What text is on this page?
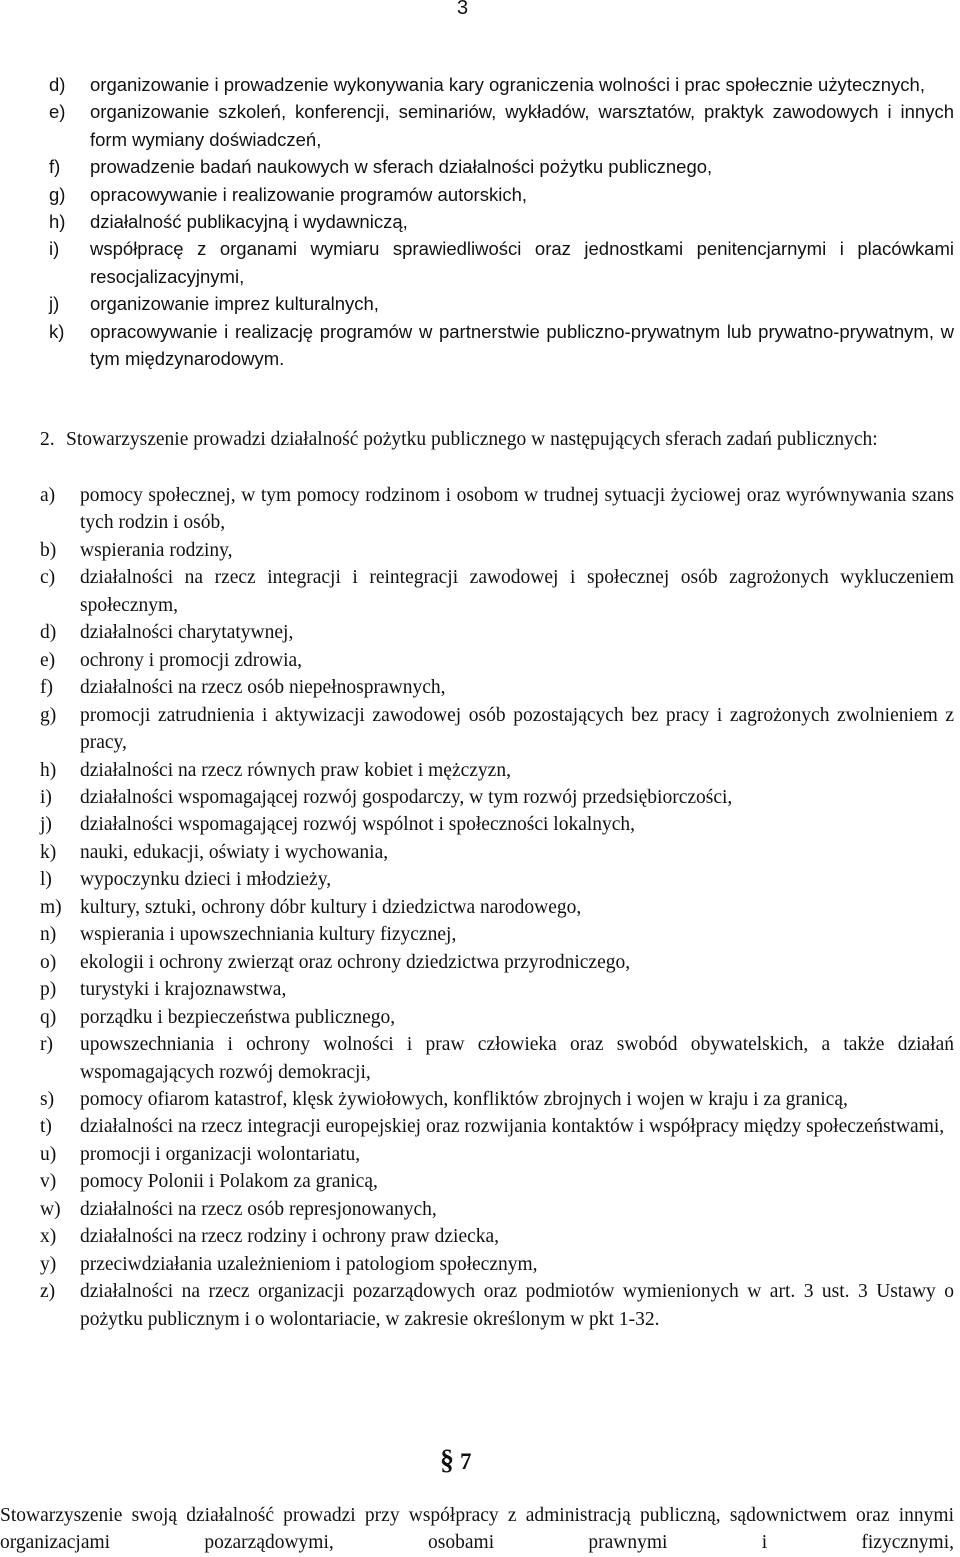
3
d) organizowanie i prowadzenie wykonywania kary ograniczenia wolności i prac społecznie użytecznych,
e) organizowanie szkoleń, konferencji, seminariów, wykładów, warsztatów, praktyk zawodowych i innych form wymiany doświadczeń,
f) prowadzenie badań naukowych w sferach działalności pożytku publicznego,
g) opracowywanie i realizowanie programów autorskich,
h) działalność publikacyjną i wydawniczą,
i) współpracę z organami wymiaru sprawiedliwości oraz jednostkami penitencjarnymi i placówkami resocjalizacyjnymi,
j) organizowanie imprez kulturalnych,
k) opracowywanie i realizację programów w partnerstwie publiczno-prywatnym lub prywatno-prywatnym, w tym międzynarodowym.
2. Stowarzyszenie prowadzi działalność pożytku publicznego w następujących sferach zadań publicznych:
a) pomocy społecznej, w tym pomocy rodzinom i osobom w trudnej sytuacji życiowej oraz wyrównywania szans tych rodzin i osób,
b) wspierania rodziny,
c) działalności na rzecz integracji i reintegracji zawodowej i społecznej osób zagrożonych wykluczeniem społecznym,
d) działalności charytatywnej,
e) ochrony i promocji zdrowia,
f) działalności na rzecz osób niepełnosprawnych,
g) promocji zatrudnienia i aktywizacji zawodowej osób pozostających bez pracy i zagrożonych zwolnieniem z pracy,
h) działalności na rzecz równych praw kobiet i mężczyzn,
i) działalności wspomagającej rozwój gospodarczy, w tym rozwój przedsiębiorczości,
j) działalności wspomagającej rozwój wspólnot i społeczności lokalnych,
k) nauki, edukacji, oświaty i wychowania,
l) wypoczynku dzieci i młodzieży,
m) kultury, sztuki, ochrony dóbr kultury i dziedzictwa narodowego,
n) wspierania i upowszechniania kultury fizycznej,
o) ekologii i ochrony zwierząt oraz ochrony dziedzictwa przyrodniczego,
p) turystyki i krajoznawstwa,
q) porządku i bezpieczeństwa publicznego,
r) upowszechniania i ochrony wolności i praw człowieka oraz swobód obywatelskich, a także działań wspomagających rozwój demokracji,
s) pomocy ofiarom katastrof, klęsk żywiołowych, konfliktów zbrojnych i wojen w kraju i za granicą,
t) działalności na rzecz integracji europejskiej oraz rozwijania kontaktów i współpracy między społeczeństwami,
u) promocji i organizacji wolontariatu,
v) pomocy Polonii i Polakom za granicą,
w) działalności na rzecz osób represjonowanych,
x) działalności na rzecz rodziny i ochrony praw dziecka,
y) przeciwdziałania uzależnieniom i patologiom społecznym,
z) działalności na rzecz organizacji pozarządowych oraz podmiotów wymienionych w art. 3 ust. 3 Ustawy o pożytku publicznym i o wolontariacie, w zakresie określonym w pkt 1-32.
§ 7
Stowarzyszenie swoją działalność prowadzi przy współpracy z administracją publiczną, sądownictwem oraz innymi organizacjami pozarządowymi, osobami prawnymi i fizycznymi,
